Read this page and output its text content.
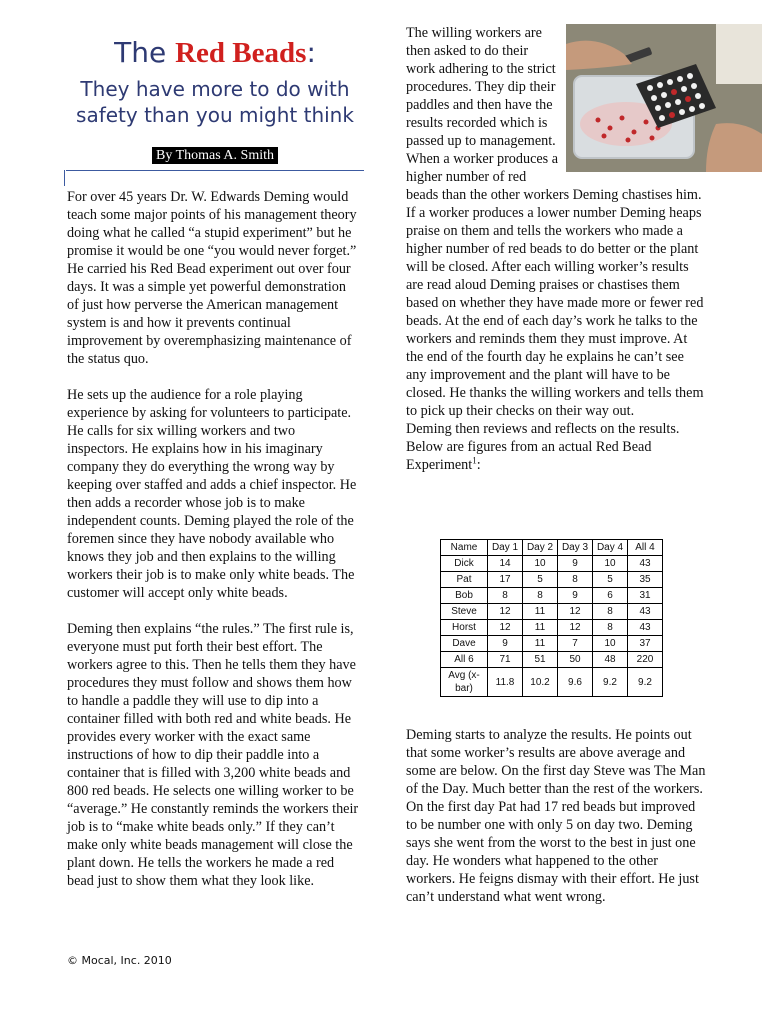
The Red Beads:
They have more to do with safety than you might think
By Thomas A. Smith

For over 45 years Dr. W. Edwards Deming would teach some major points of his management theory doing what he called “a stupid experiment” but he promise it would be one “you would never forget.” He carried his Red Bead experiment out over four days. It was a simple yet powerful demonstration of just how perverse the American management system is and how it prevents continual improvement by overemphasizing maintenance of the status quo.

He sets up the audience for a role playing experience by asking for volunteers to participate. He calls for six willing workers and two inspectors. He explains how in his imaginary company they do everything the wrong way by keeping over staffed and adds a chief inspector. He then adds a recorder whose job is to make independent counts. Deming played the role of the foremen since they have nobody available who knows they job and then explains to the willing workers their job is to make only white beads. The customer will accept only white beads.

Deming then explains “the rules.” The first rule is, everyone must put forth their best effort. The workers agree to this. Then he tells them they have procedures they must follow and shows them how to handle a paddle they will use to dip into a container filled with both red and white beads. He provides every worker with the exact same instructions of how to dip their paddle into a container that is filled with 3,200 white beads and 800 red beads. He selects one willing worker to be “average.” He constantly reminds the workers their job is to “make white beads only.” If they can’t make only white beads management will close the plant down. He tells the workers he made a red bead just to show them what they look like.

The willing workers are then asked to do their work adhering to the strict procedures. They dip their paddles and then have the results recorded which is passed up to management. When a worker produces a higher number of red beads than the other workers Deming chastises him. If a worker produces a lower number Deming heaps praise on them and tells the workers who made a higher number of red beads to do better or the plant will be closed. After each willing worker’s results are read aloud Deming praises or chastises them based on whether they have made more or fewer red beads. At the end of each day’s work he talks to the workers and reminds them they must improve. At the end of the fourth day he explains he can’t see any improvement and the plant will have to be closed. He thanks the willing workers and tells them to pick up their checks on their way out.

Deming then reviews and reflects on the results. Below are figures from an actual Red Bead Experiment$^1$:

Name	Day 1	Day 2	Day 3	Day 4	All 4
Dick	14	10	9	10	43
Pat	17	5	8	5	35
Bob	8	8	9	6	31
Steve	12	11	12	8	43
Horst	12	11	12	8	43
Dave	9	11	7	10	37
All 6	71	51	50	48	220
Avg (x-bar)	11.8	10.2	9.6	9.2	9.2

Deming starts to analyze the results. He points out that some worker’s results are above average and some are below. On the first day Steve was The Man of the Day. Much better than the rest of the workers. On the first day Pat had 17 red beads but improved to be number one with only 5 on day two. Deming says she went from the worst to the best in just one day. He wonders what happened to the other workers. He feigns dismay with their effort. He just can’t understand what went wrong.

© Mocal, Inc. 2010
